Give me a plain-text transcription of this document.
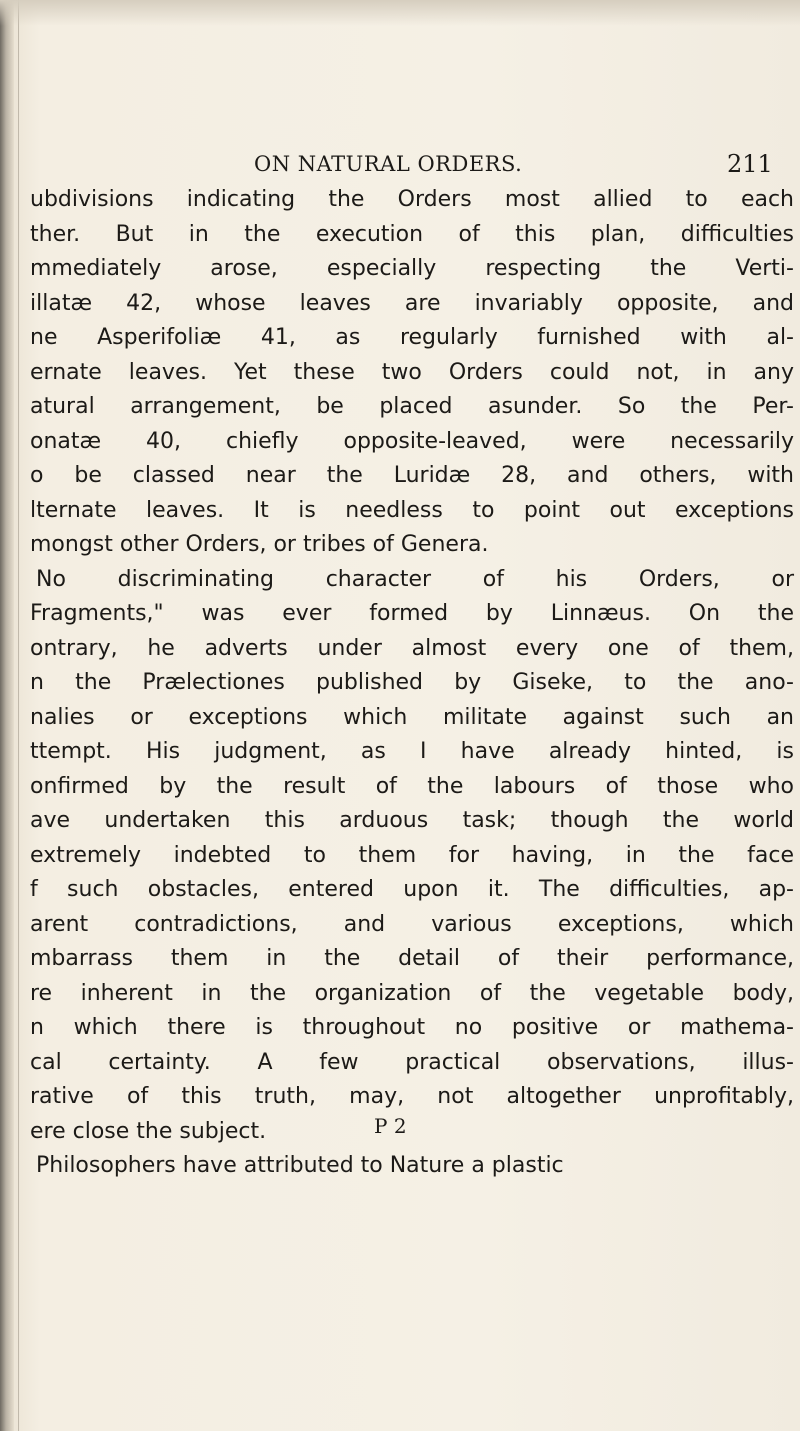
ON NATURAL ORDERS.	211
ubdivisions indicating the Orders most allied to each
ther. But in the execution of this plan, difficulties
mmediately arose, especially respecting the Verti-
illatæ 42, whose leaves are invariably opposite, and
ne Asperifoliæ 41, as regularly furnished with al-
ernate leaves. Yet these two Orders could not, in any
atural arrangement, be placed asunder. So the Per-
onatæ 40, chiefly opposite-leaved, were necessarily
o be classed near the Luridæ 28, and others, with
lternate leaves. It is needless to point out exceptions
mongst other Orders, or tribes of Genera.
No discriminating character of his Orders, or
Fragments," was ever formed by Linnæus. On the
ontrary, he adverts under almost every one of them,
n the Prælectiones published by Giseke, to the ano-
nalies or exceptions which militate against such an
ttempt. His judgment, as I have already hinted, is
onfirmed by the result of the labours of those who
ave undertaken this arduous task; though the world
extremely indebted to them for having, in the face
f such obstacles, entered upon it. The difficulties, ap-
arent contradictions, and various exceptions, which
mbarrass them in the detail of their performance,
re inherent in the organization of the vegetable body,
n which there is throughout no positive or mathema-
cal certainty. A few practical observations, illus-
rative of this truth, may, not altogether unprofitably,
ere close the subject.
Philosophers have attributed to Nature a plastic
P 2
